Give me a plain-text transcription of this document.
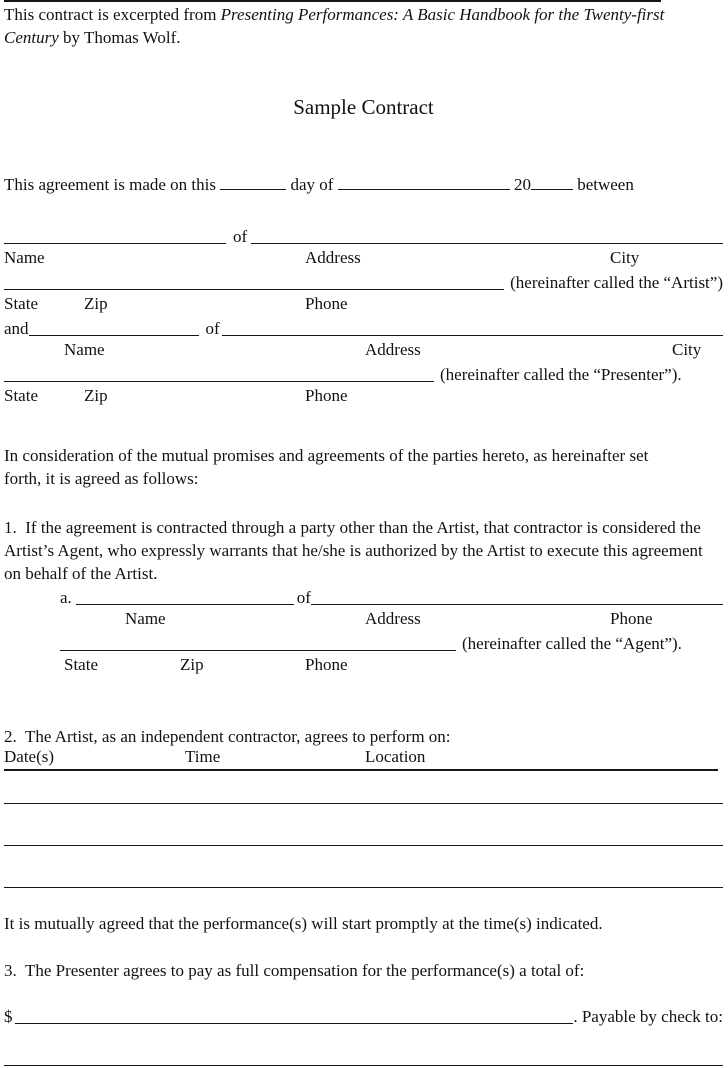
This contract is excerpted from Presenting Performances: A Basic Handbook for the Twenty-first Century by Thomas Wolf.

Sample Contract

This agreement is made on this	day of	20	between

of
Name	Address	City
(hereinafter called the “Artist”)
State	Zip	Phone
and	of
Name	Address	City
(hereinafter called the “Presenter”).
State	Zip	Phone

In consideration of the mutual promises and agreements of the parties hereto, as hereinafter set forth, it is agreed as follows:

1.  If the agreement is contracted through a party other than the Artist, that contractor is considered the Artist’s Agent, who expressly warrants that he/she is authorized by the Artist to execute this agreement on behalf of the Artist.

a.	of
Name	Address	Phone
(hereinafter called the “Agent”).
State	Zip	Phone

2.  The Artist, as an independent contractor, agrees to perform on:

Date(s)	Time	Location

It is mutually agreed that the performance(s) will start promptly at the time(s) indicated.

3.  The Presenter agrees to pay as full compensation for the performance(s) a total of:

$	. Payable by check to:
